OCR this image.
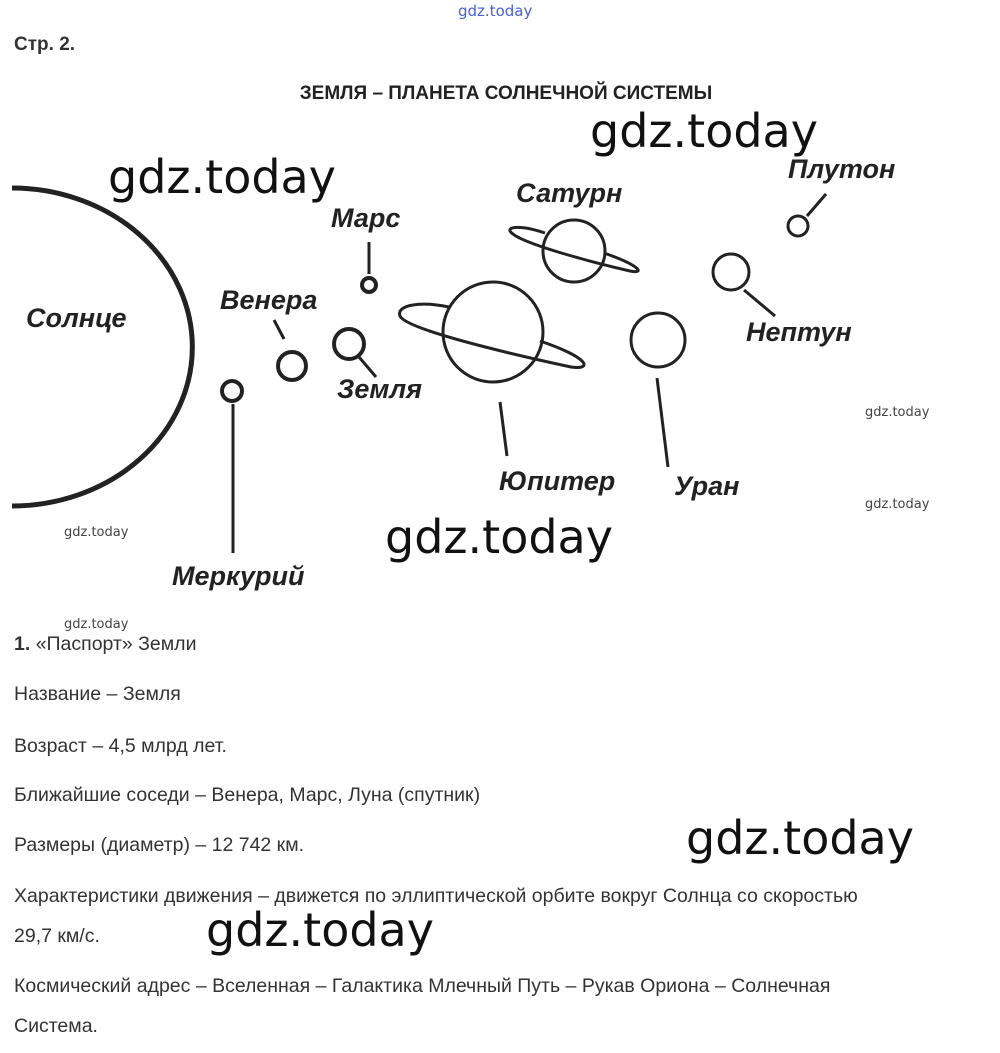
gdz.today
Стр. 2.
ЗЕМЛЯ – ПЛАНЕТА СОЛНЕЧНОЙ СИСТЕМЫ
Солнце
Меркурий
Венера
Земля
Марс
Юпитер
Сатурн
Уран
Нептун
Плутон
gdz.today
gdz.today
gdz.today
gdz.today
gdz.today
gdz.today
gdz.today
gdz.today
gdz.today
1. «Паспорт» Земли
Название – Земля
Возраст – 4,5 млрд лет.
Ближайшие соседи – Венера, Марс, Луна (спутник)
Размеры (диаметр) – 12 742 км.
Характеристики движения – движется по эллиптической орбите вокруг Солнца со скоростью
29,7 км/с.
Космический адрес – Вселенная – Галактика Млечный Путь – Рукав Ориона – Солнечная
Система.
